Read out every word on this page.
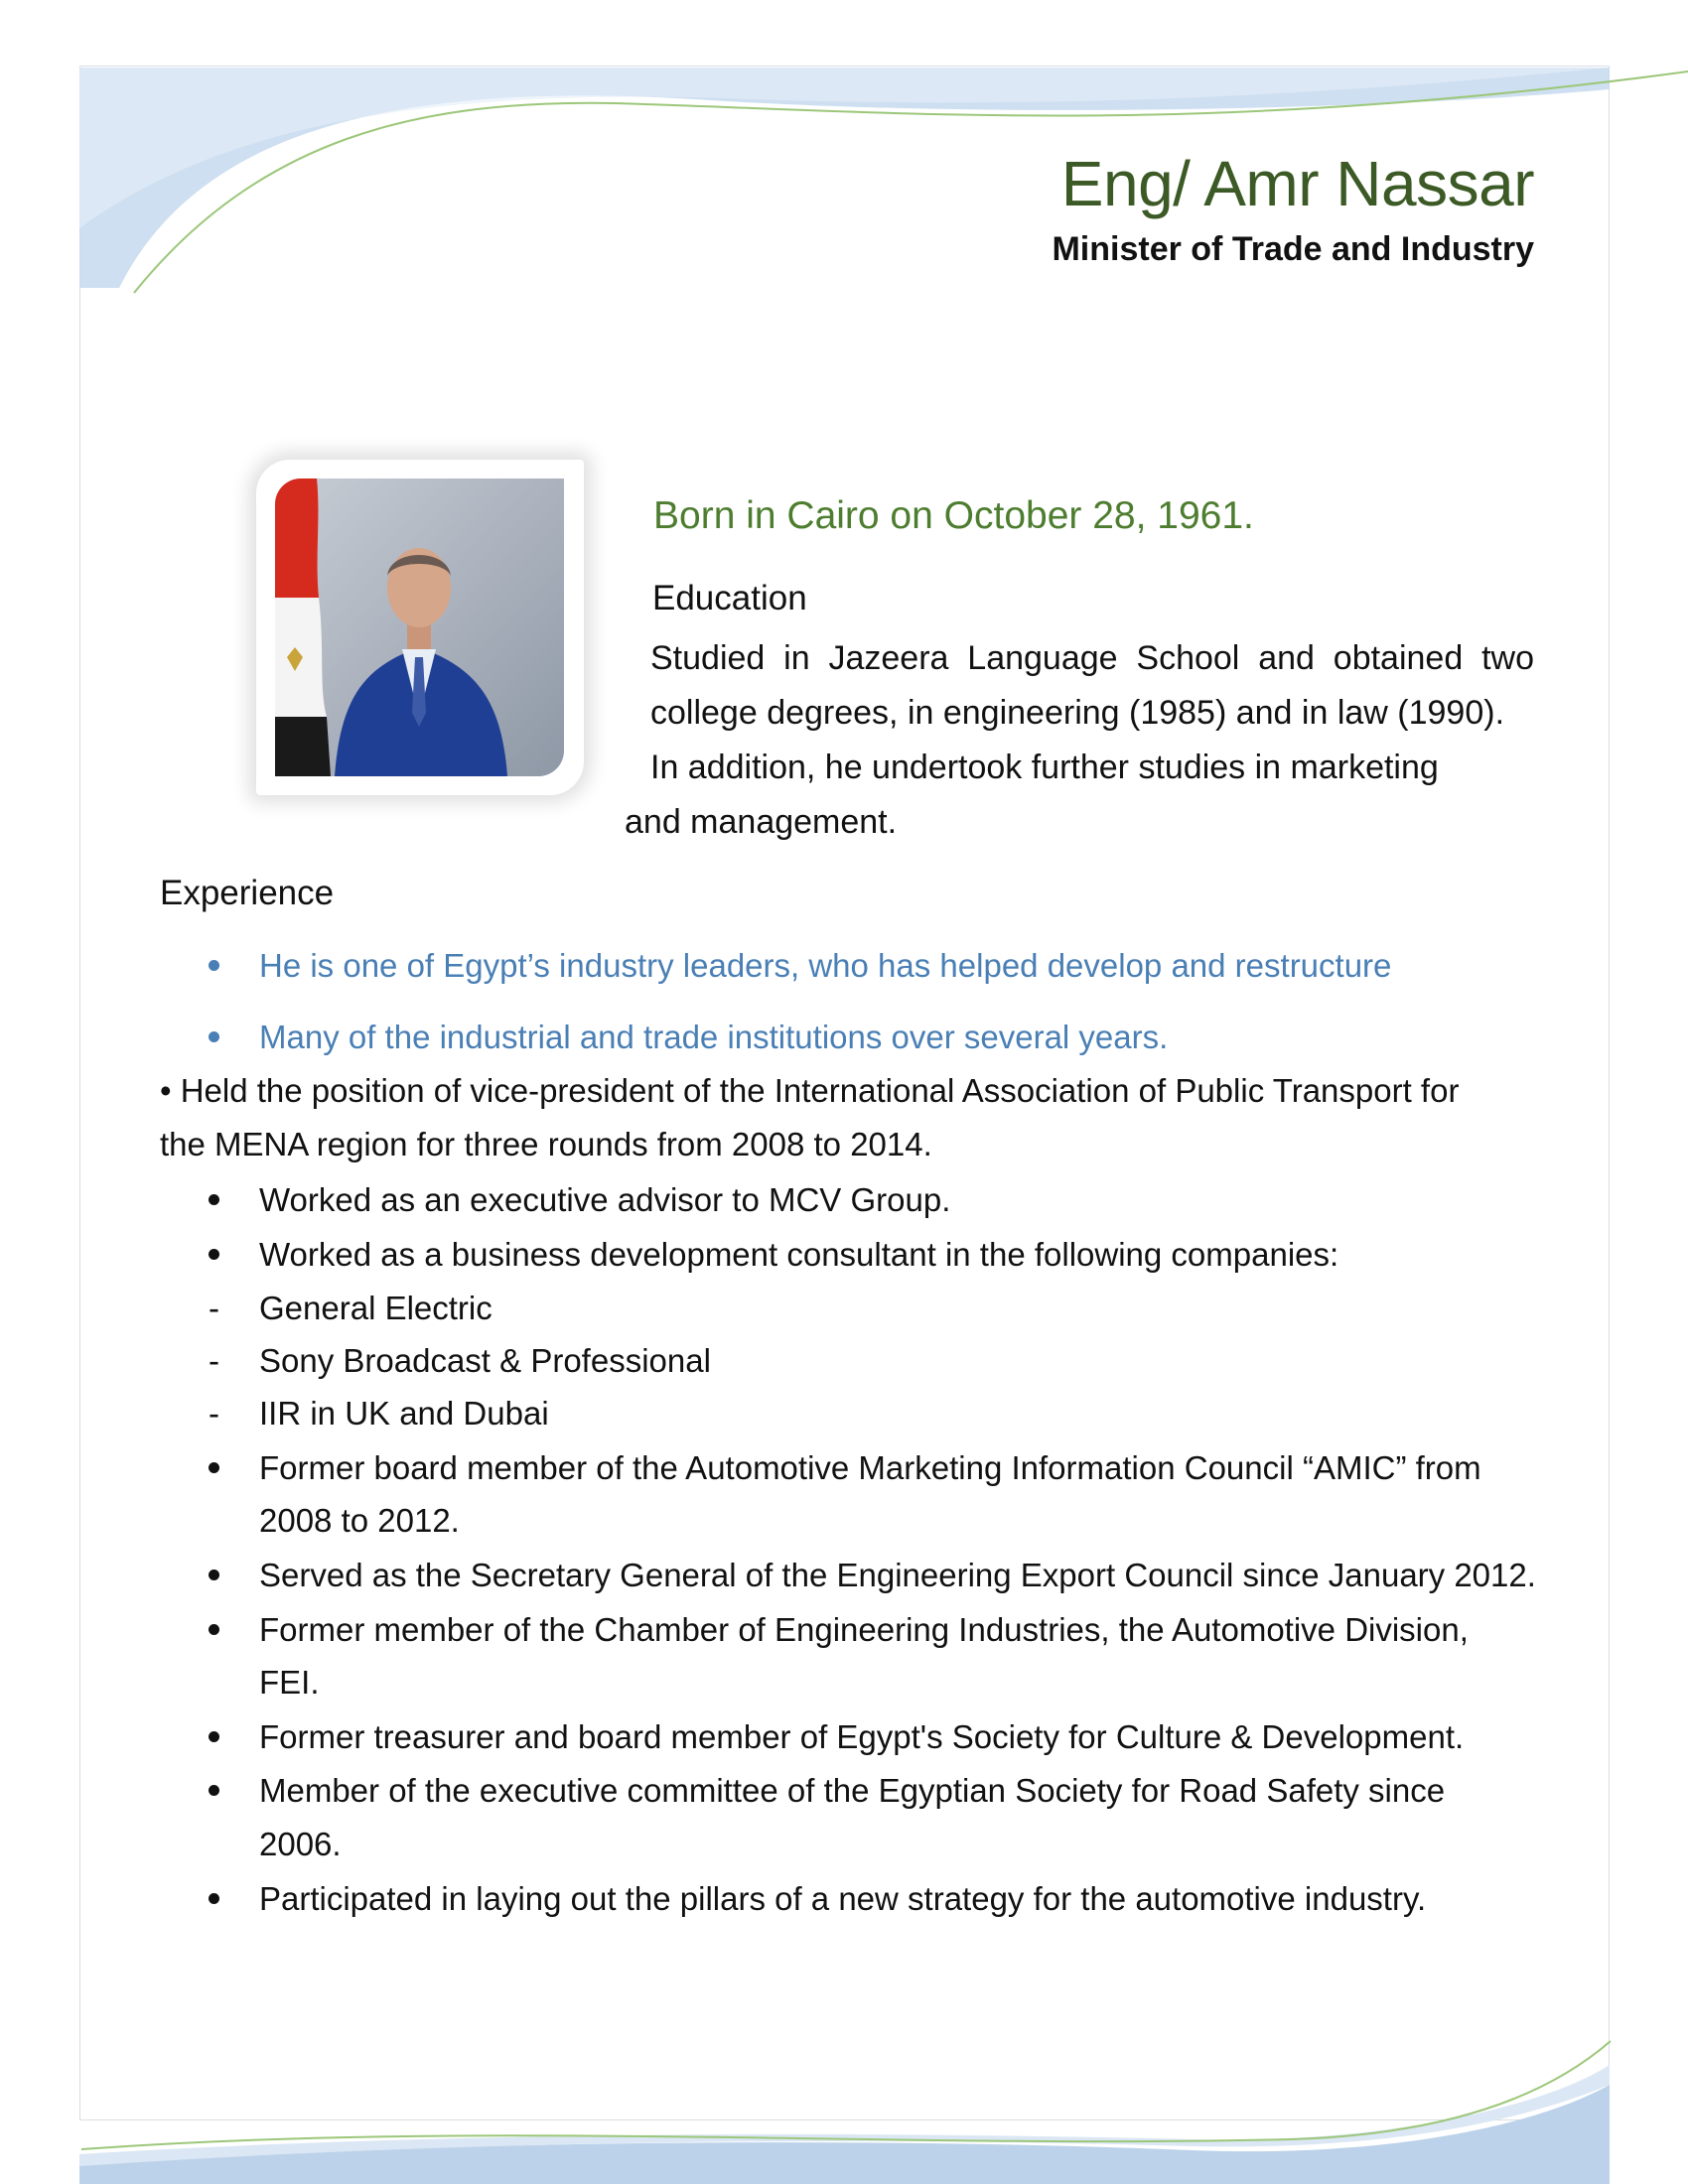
Eng/ Amr Nassar
Minister of Trade and Industry
Born in Cairo on October 28, 1961.
Education
Studied in Jazeera Language School and obtained two
college degrees, in engineering (1985) and in law (1990).
In addition, he undertook further studies in marketing
and management.
Experience
He is one of Egypt’s industry leaders, who has helped develop and restructure
Many of the industrial and trade institutions over several years.
• Held the position of vice-president of the International Association of Public Transport for
the MENA region for three rounds from 2008 to 2014.
Worked as an executive advisor to MCV Group.
Worked as a business development consultant in the following companies:
- General Electric
- Sony Broadcast & Professional
- IIR in UK and Dubai
Former board member of the Automotive Marketing Information Council “AMIC” from
2008 to 2012.
Served as the Secretary General of the Engineering Export Council since January 2012.
Former member of the Chamber of Engineering Industries, the Automotive Division,
FEI.
Former treasurer and board member of Egypt's Society for Culture & Development.
Member of the executive committee of the Egyptian Society for Road Safety since
2006.
Participated in laying out the pillars of a new strategy for the automotive industry.
